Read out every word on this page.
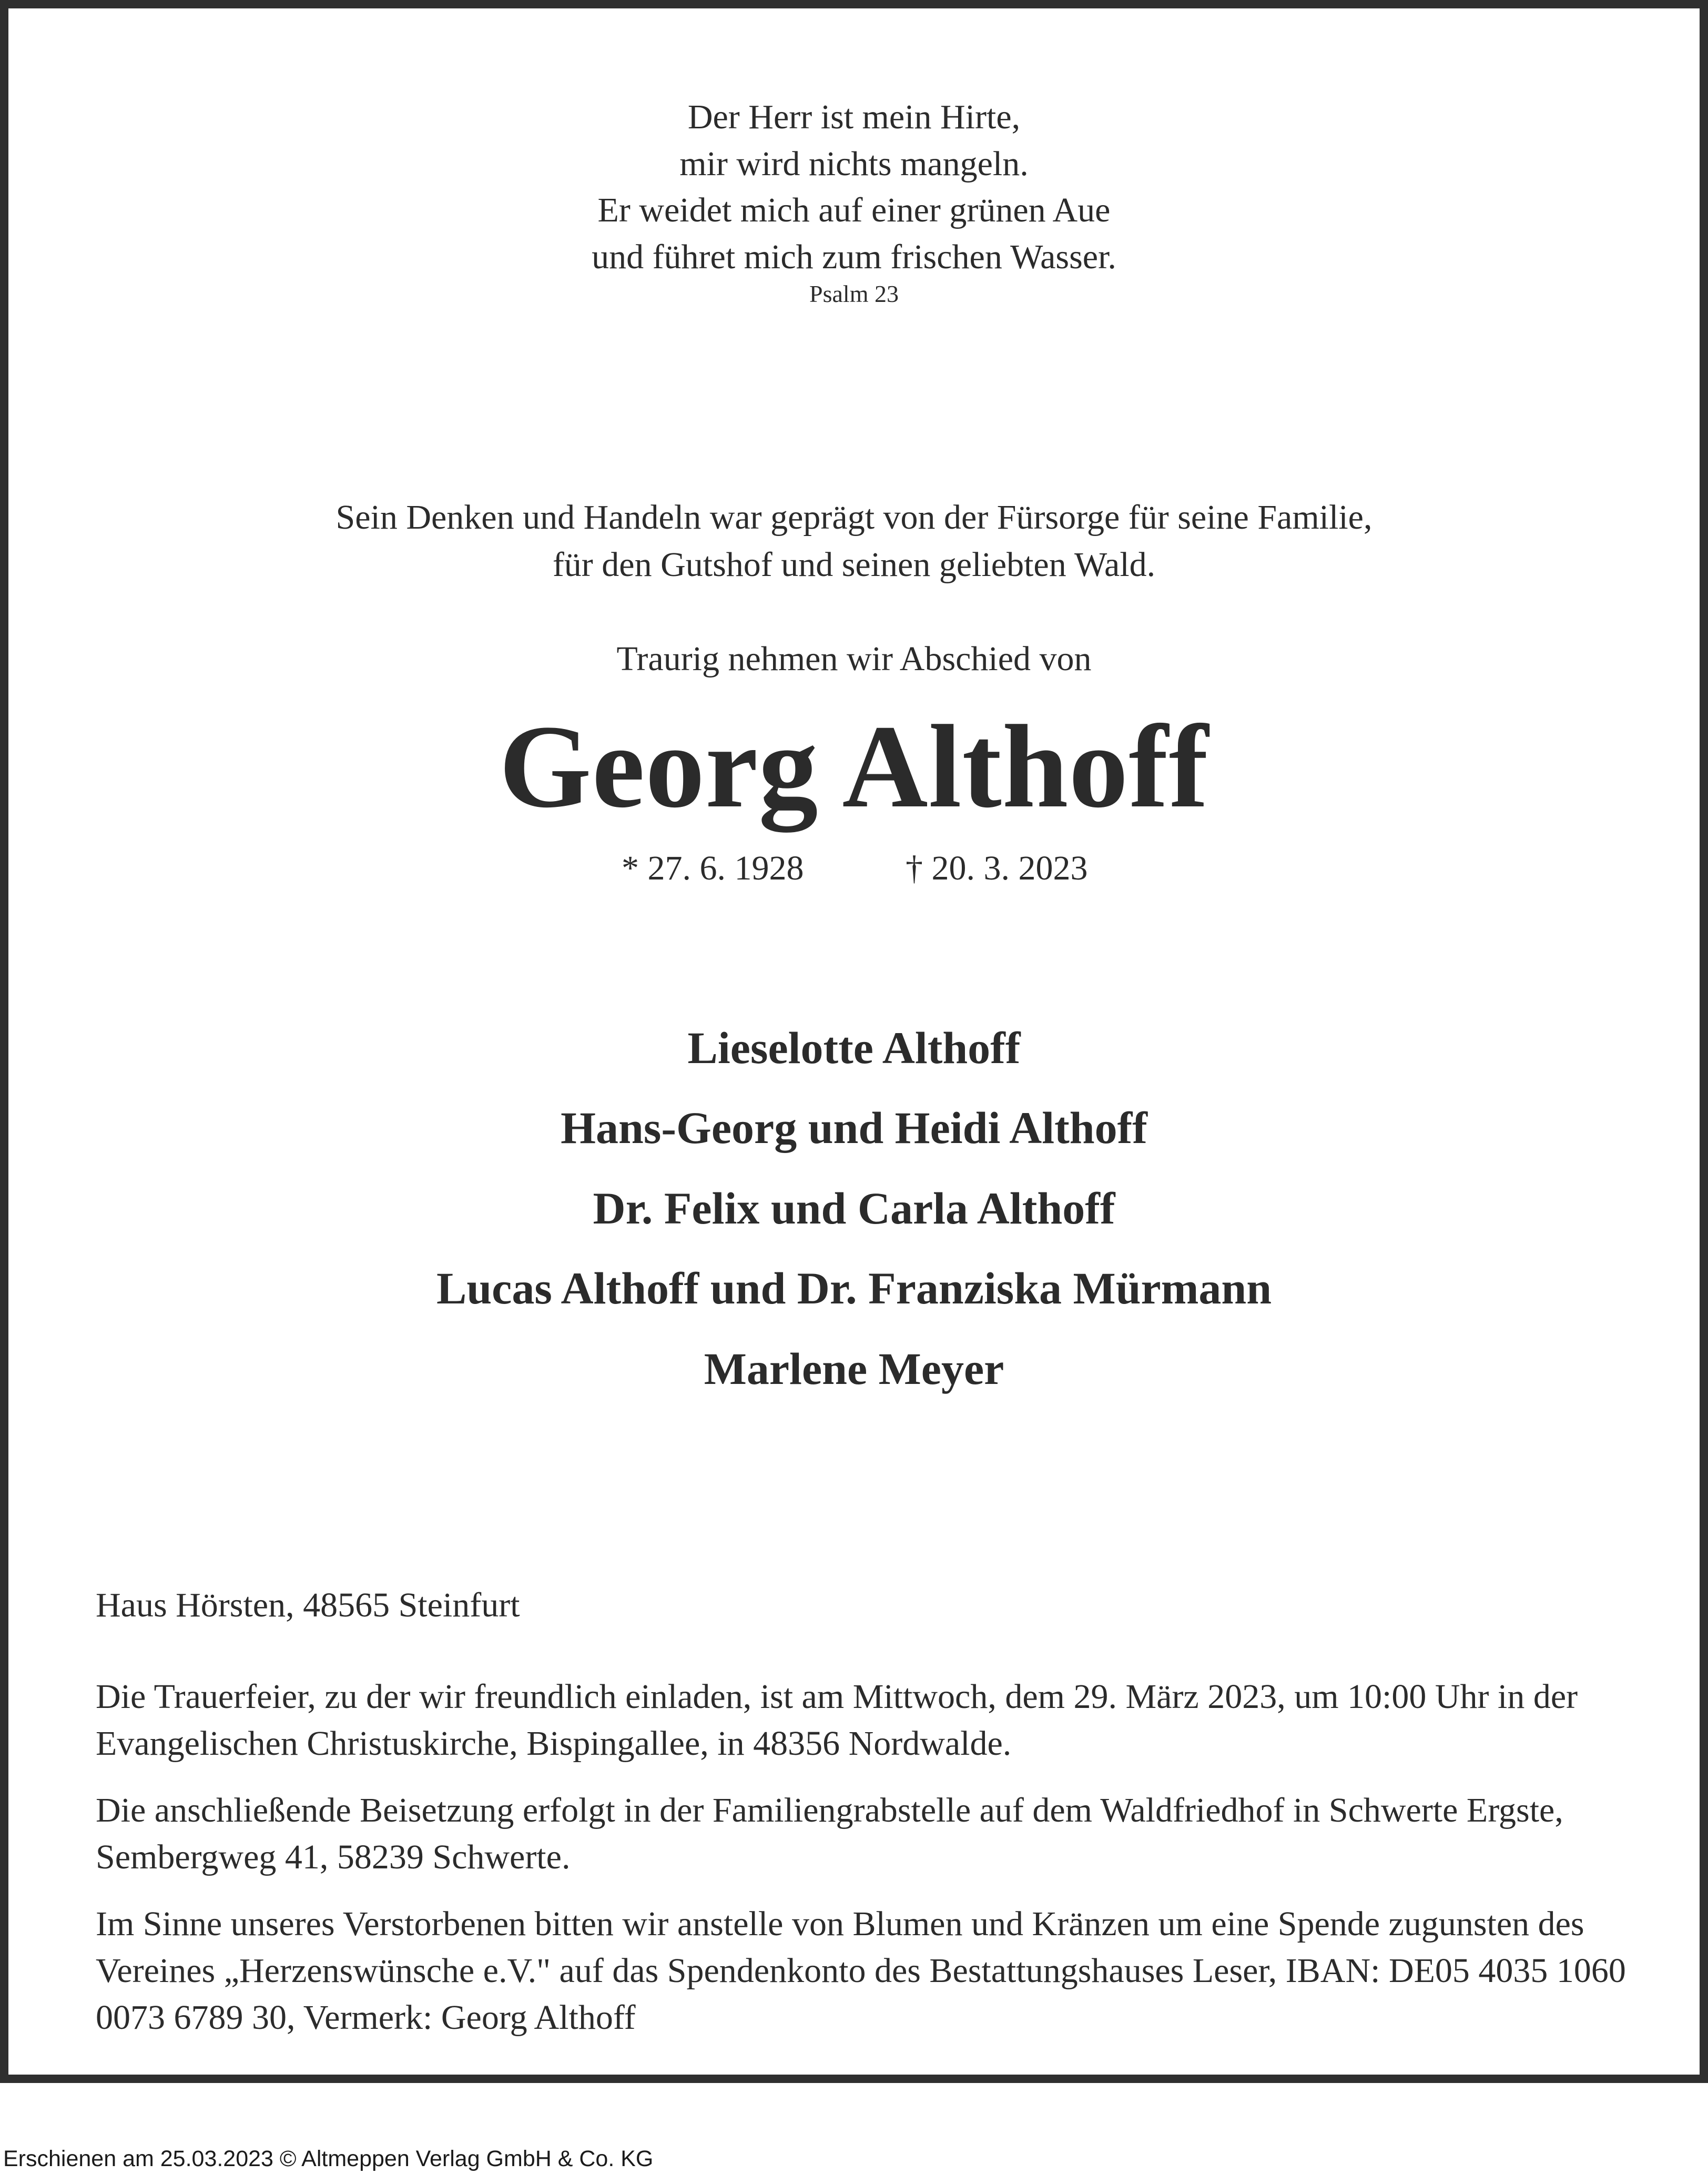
Der Herr ist mein Hirte,
mir wird nichts mangeln.
Er weidet mich auf einer grünen Aue
und führet mich zum frischen Wasser.
Psalm 23
Sein Denken und Handeln war geprägt von der Fürsorge für seine Familie,
für den Gutshof und seinen geliebten Wald.
Traurig nehmen wir Abschied von
Georg Althoff
* 27. 6. 1928	† 20. 3. 2023
Lieselotte Althoff
Hans-Georg und Heidi Althoff
Dr. Felix und Carla Althoff
Lucas Althoff und Dr. Franziska Mürmann
Marlene Meyer

Haus Hörsten, 48565 Steinfurt

Die Trauerfeier, zu der wir freundlich einladen, ist am Mittwoch, dem 29. März 2023, um 10:00 Uhr in der Evangelischen Christuskirche, Bispingallee, in 48356 Nordwalde.

Die anschließende Beisetzung erfolgt in der Familiengrabstelle auf dem Waldfriedhof in Schwerte Ergste, Sembergweg 41, 58239 Schwerte.

Im Sinne unseres Verstorbenen bitten wir anstelle von Blumen und Kränzen um eine Spende zugunsten des Vereines „Herzenswünsche e.V." auf das Spendenkonto des Bestattungshauses Leser, IBAN: DE05 4035 1060 0073 6789 30, Vermerk: Georg Althoff

Erschienen am 25.03.2023 © Altmeppen Verlag GmbH & Co. KG
